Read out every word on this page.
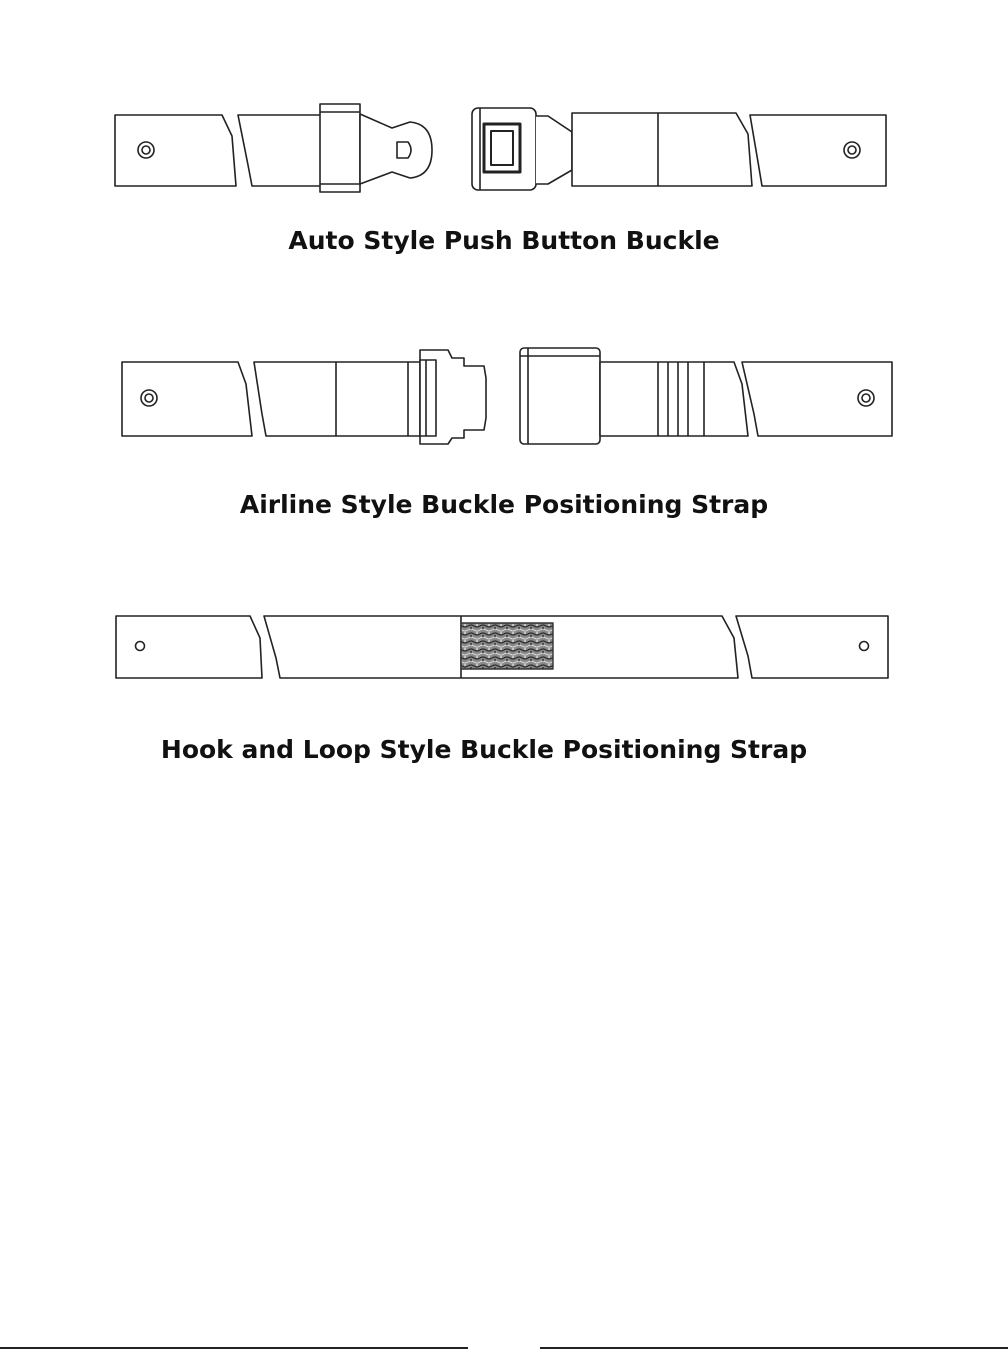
Auto Style Push Button Buckle
Airline Style Buckle Positioning Strap
Hook and Loop Style Buckle Positioning Strap
